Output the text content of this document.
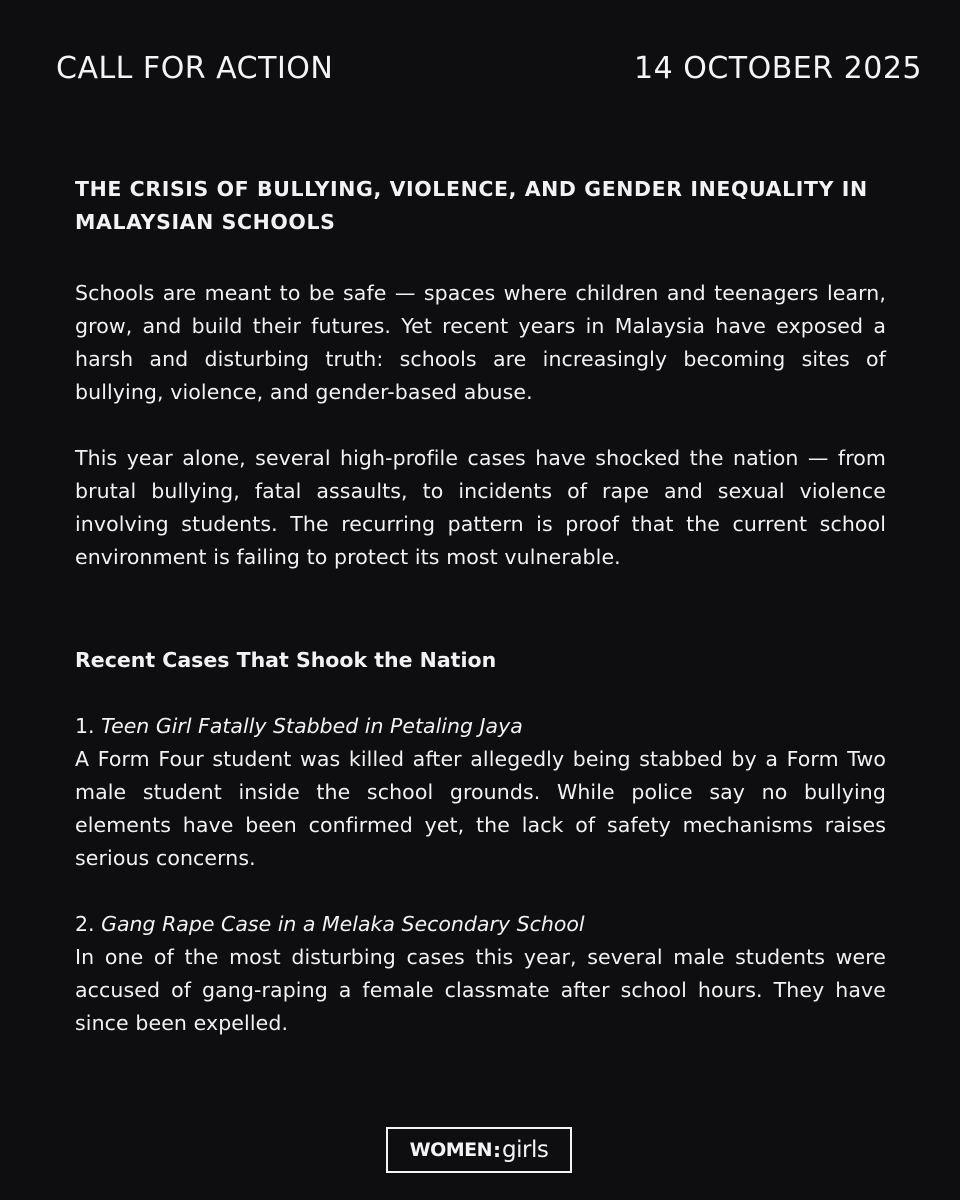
CALL FOR ACTION	14 OCTOBER 2025
THE CRISIS OF BULLYING, VIOLENCE, AND GENDER INEQUALITY IN MALAYSIAN SCHOOLS

Schools are meant to be safe — spaces where children and teenagers learn, grow, and build their futures. Yet recent years in Malaysia have exposed a harsh and disturbing truth: schools are increasingly becoming sites of bullying, violence, and gender-based abuse.

This year alone, several high-profile cases have shocked the nation — from brutal bullying, fatal assaults, to incidents of rape and sexual violence involving students. The recurring pattern is proof that the current school environment is failing to protect its most vulnerable.

Recent Cases That Shook the Nation

1. Teen Girl Fatally Stabbed in Petaling Jaya

A Form Four student was killed after allegedly being stabbed by a Form Two male student inside the school grounds. While police say no bullying elements have been confirmed yet, the lack of safety mechanisms raises serious concerns.

2. Gang Rape Case in a Melaka Secondary School

In one of the most disturbing cases this year, several male students were accused of gang-raping a female classmate after school hours. They have since been expelled.

WOMEN : girls
